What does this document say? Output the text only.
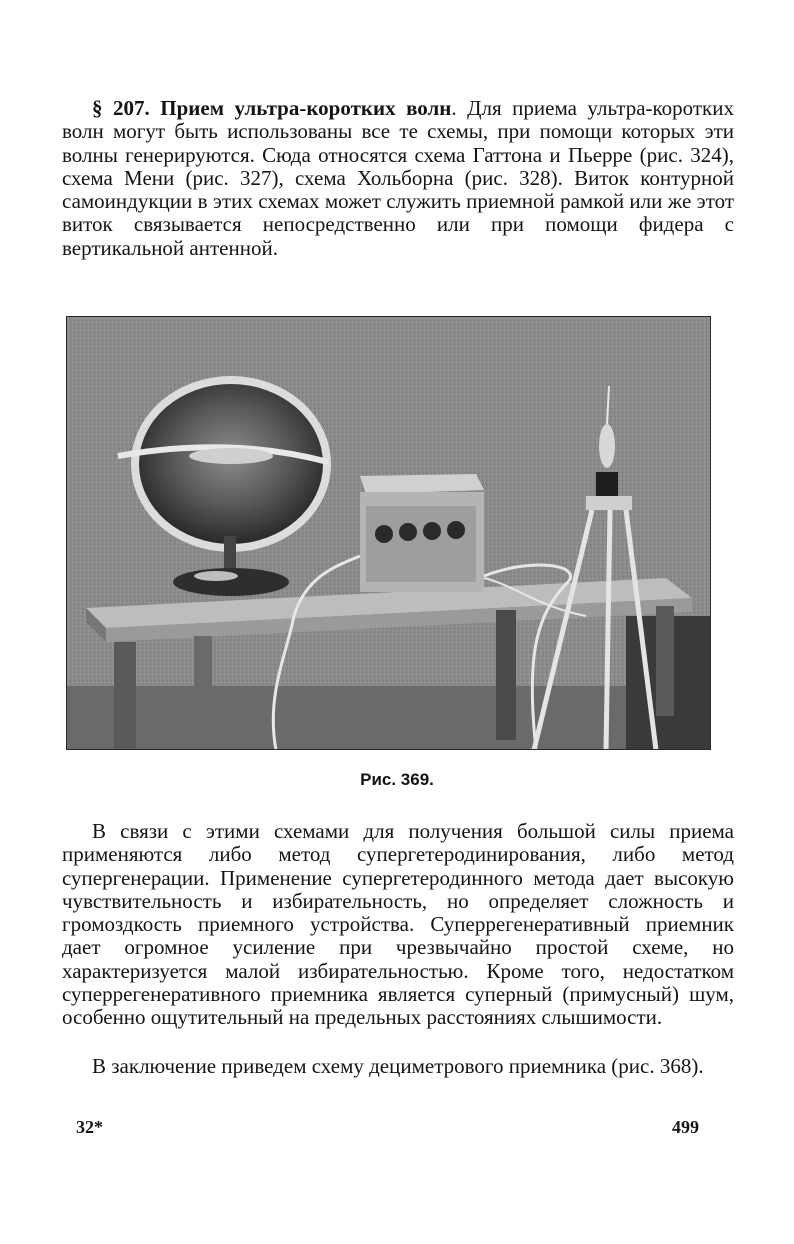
§ 207. Прием ультра-коротких волн. Для приема ультра-коротких волн могут быть использованы все те схемы, при помощи которых эти волны генерируются. Сюда относятся схема Гаттона и Пьерре (рис. 324), схема Мени (рис. 327), схема Хольборна (рис. 328). Виток контурной самоиндукции в этих схемах может служить приемной рамкой или же этот виток связывается непосредственно или при помощи фидера с вертикальной антенной.

Рис. 369.

В связи с этими схемами для получения большой силы приема применяются либо метод супергетеродинирования, либо метод супергенерации. Применение супергетеродинного метода дает высокую чувствительность и избирательность, но определяет сложность и громоздкость приемного устройства. Суперрегенеративный приемник дает огромное усиление при чрезвычайно простой схеме, но характеризуется малой избирательностью. Кроме того, недостатком суперрегенеративного приемника является суперный (примусный) шум, особенно ощутительный на предельных расстояниях слышимости.

В заключение приведем схему дециметрового приемника (рис. 368).

32*	499
